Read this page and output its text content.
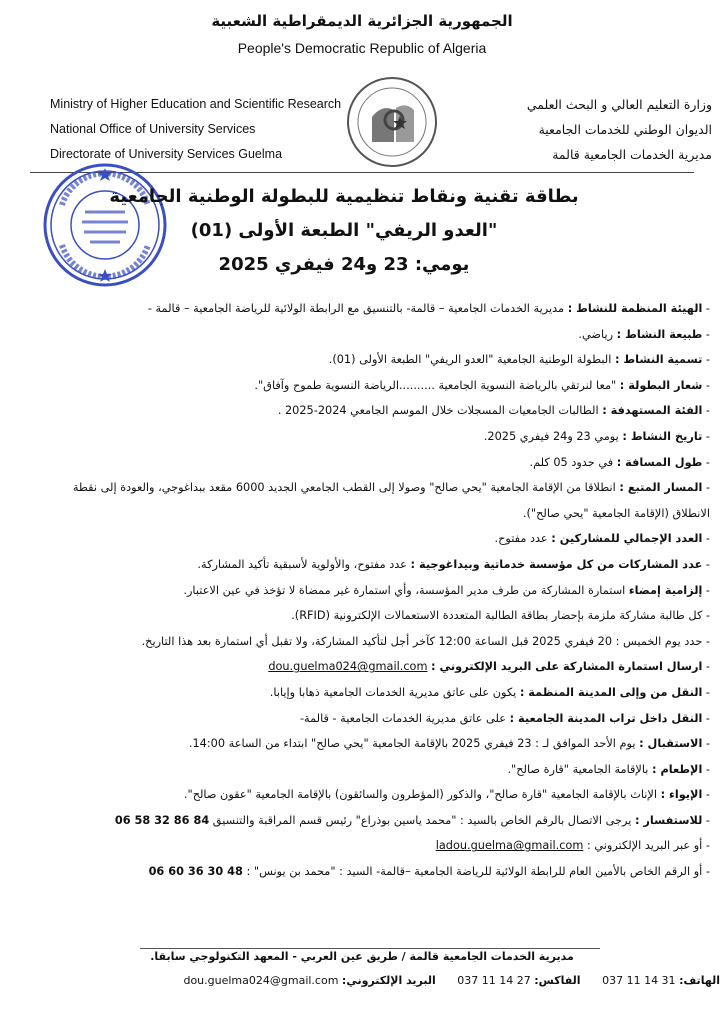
الجمهورية الجزائرية الديمقراطية الشعبية
People's Democratic Republic of Algeria
Ministry of Higher Education and Scientific Research
National Office of University Services
Directorate of University Services Guelma
وزارة التعليم العالي و البحث العلمي
الديوان الوطني للخدمات الجامعية
مديرية الخدمات الجامعية قالمة
بطاقة تقنية ونقاط تنظيمية للبطولة الوطنية الجامعية
"العدو الريفي" الطبعة الأولى (01)
يومي: 23 و24 فيفري 2025
- الهيئة المنظمة للنشاط : مديرية الخدمات الجامعية – قالمة- بالتنسيق مع الرابطة الولائية للرياضة الجامعية – قالمة -
- طبيعة النشاط : رياضي.
- تسمية النشاط : البطولة الوطنية الجامعية "العدو الريفي" الطبعة الأولى (01).
- شعار البطولة : "معا لنرتقي بالرياضة النسوية الجامعية ..........الرياضة النسوية طموح وآفاق".
- الفئة المستهدفة : الطالبات الجامعيات المسجلات خلال الموسم الجامعي 2024-2025 .
- تاريخ النشاط : يومي 23 و24 فيفري 2025.
- طول المسافة : في حدود 05 كلم.
- المسار المتبع : انطلاقا من الإقامة الجامعية "يحي صالح" وصولا إلى القطب الجامعي الجديد 6000 مقعد ببداغوجي، والعودة إلى نقطة الانطلاق (الإقامة الجامعية "يحي صالح").
- العدد الإجمالي للمشاركين : عدد مفتوح.
- عدد المشاركات من كل مؤسسة خدماتية وبيداغوجية : عدد مفتوح، والأولوية لأسبقية تأكيد المشاركة.
- إلزامية إمضاء استمارة المشاركة من طرف مدير المؤسسة، وأي استمارة غير ممضاة لا تؤخذ في عين الاعتبار.
- كل طالبة مشاركة ملزمة بإحضار بطاقة الطالبة المتعددة الاستعمالات الإلكترونية (RFID).
- حدد يوم الخميس : 20 فيفري 2025 قبل الساعة 12:00 كآخر أجل لتأكيد المشاركة، ولا تقبل أي استمارة بعد هذا التاريخ.
- ارسال استمارة المشاركة على البريد الإلكتروني : dou.guelma024@gmail.com
- النقل من وإلى المدينة المنظمة : يكون على عاتق مديرية الخدمات الجامعية ذهابا وإيابا.
- النقل داخل تراب المدينة الجامعية : على عاتق مديرية الخدمات الجامعية - قالمة-
- الاستقبال : يوم الأحد الموافق لـ : 23 فيفري 2025 بالإقامة الجامعية "يحي صالح" ابتداء من الساعة 14:00.
- الإطعام : بالإقامة الجامعية "قارة صالح".
- الإيواء : الإناث بالإقامة الجامعية "قارة صالح"، والذكور (المؤطرون والسائقون) بالإقامة الجامعية "عقون صالح".
- للاستفسار : يرجى الاتصال بالرقم الخاص بالسيد : "محمد ياسين بوذراع" رئيس قسم المراقبة والتنسيق 06 58 32 86 84
- أو عبر البريد الإلكتروني : ladou.guelma@gmail.com
- أو الرقم الخاص بالأمين العام للرابطة الولائية للرياضة الجامعية –قالمة- السيد : "محمد بن يونس" : 06 60 36 30 48
مديرية الخدمات الجامعية قالمة / طريق عين العربي - المعهد التكنولوجي سابقا.
الهاتف: 037 11 14 31 الفاكس: 037 11 14 27 البريد الإلكتروني: dou.guelma024@gmail.com
